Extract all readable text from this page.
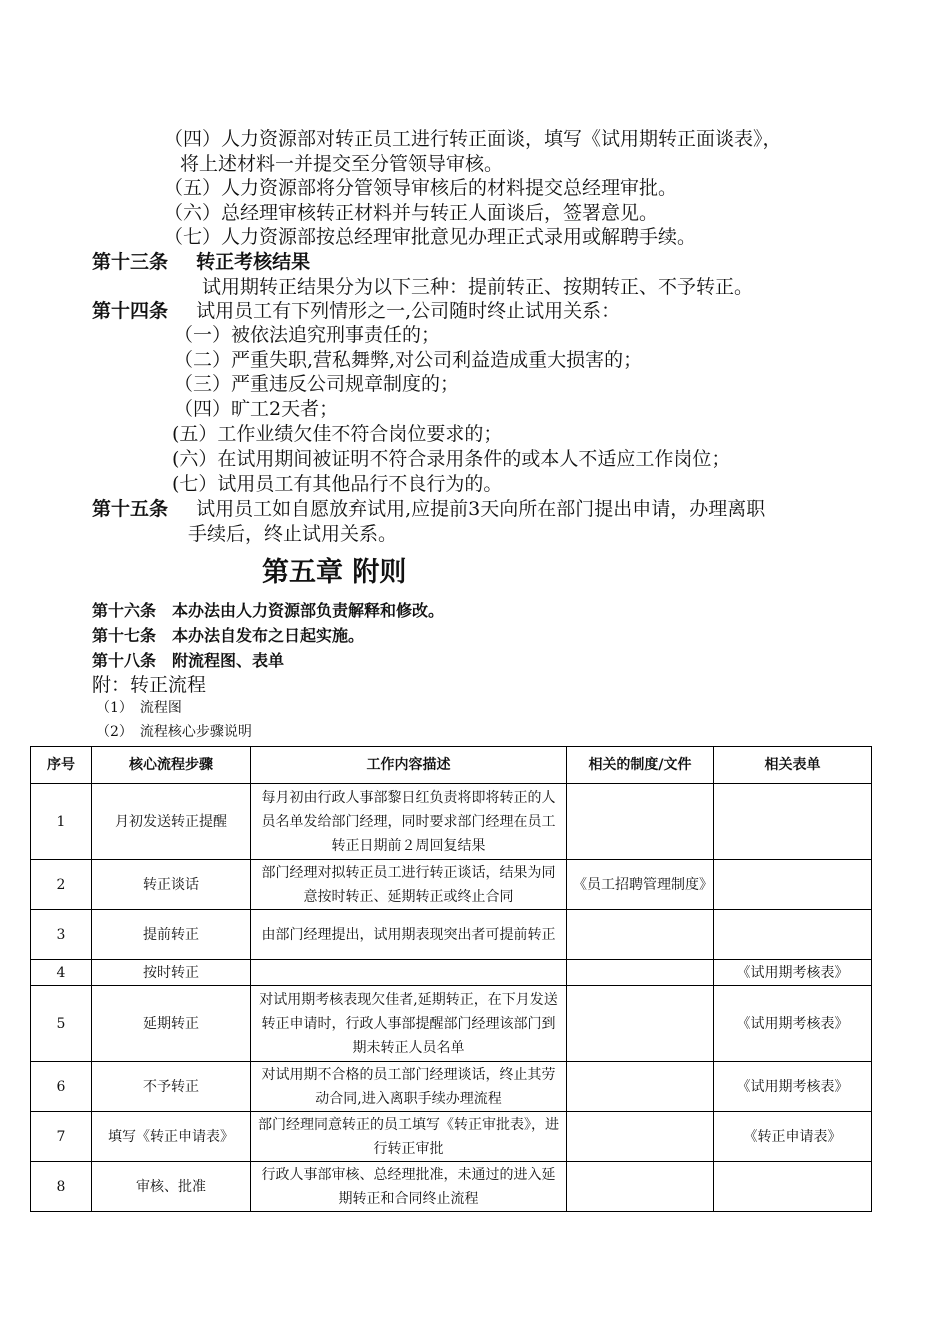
（四）人力资源部对转正员工进行转正面谈，填写《试用期转正面谈表》，
将上述材料一并提交至分管领导审核。
（五）人力资源部将分管领导审核后的材料提交总经理审批。
（六）总经理审核转正材料并与转正人面谈后，签署意见。
（七）人力资源部按总经理审批意见办理正式录用或解聘手续。
第十三条 转正考核结果
试用期转正结果分为以下三种：提前转正、按期转正、不予转正。
第十四条 试用员工有下列情形之一,公司随时终止试用关系：
（一）被依法追究刑事责任的；
（二）严重失职,营私舞弊,对公司利益造成重大损害的；
（三）严重违反公司规章制度的；
（四）旷工2天者；
(五）工作业绩欠佳不符合岗位要求的；
(六）在试用期间被证明不符合录用条件的或本人不适应工作岗位；
(七）试用员工有其他品行不良行为的。
第十五条 试用员工如自愿放弃试用,应提前3天向所在部门提出申请，办理离职
手续后，终止试用关系。
第五章 附则
第十六条　本办法由人力资源部负责解释和修改。
第十七条　本办法自发布之日起实施。
第十八条　附流程图、表单
附：转正流程
（1）　流程图
（2）　流程核心步骤说明
序号	核心流程步骤	工作内容描述	相关的制度/文件	相关表单
1	月初发送转正提醒	每月初由行政人事部黎日红负责将即将转正的人员名单发给部门经理，同时要求部门经理在员工转正日期前２周回复结果		
2	转正谈话	部门经理对拟转正员工进行转正谈话，结果为同意按时转正、延期转正或终止合同	《员工招聘管理制度》	
3	提前转正	由部门经理提出，试用期表现突出者可提前转正		
4	按时转正			《试用期考核表》
5	延期转正	对试用期考核表现欠佳者,延期转正，在下月发送转正申请时，行政人事部提醒部门经理该部门到期未转正人员名单		《试用期考核表》
6	不予转正	对试用期不合格的员工部门经理谈话，终止其劳动合同,进入离职手续办理流程		《试用期考核表》
7	填写《转正申请表》	部门经理同意转正的员工填写《转正审批表》，进行转正审批		《转正申请表》
8	审核、批准	行政人事部审核、总经理批准，未通过的进入延期转正和合同终止流程		
